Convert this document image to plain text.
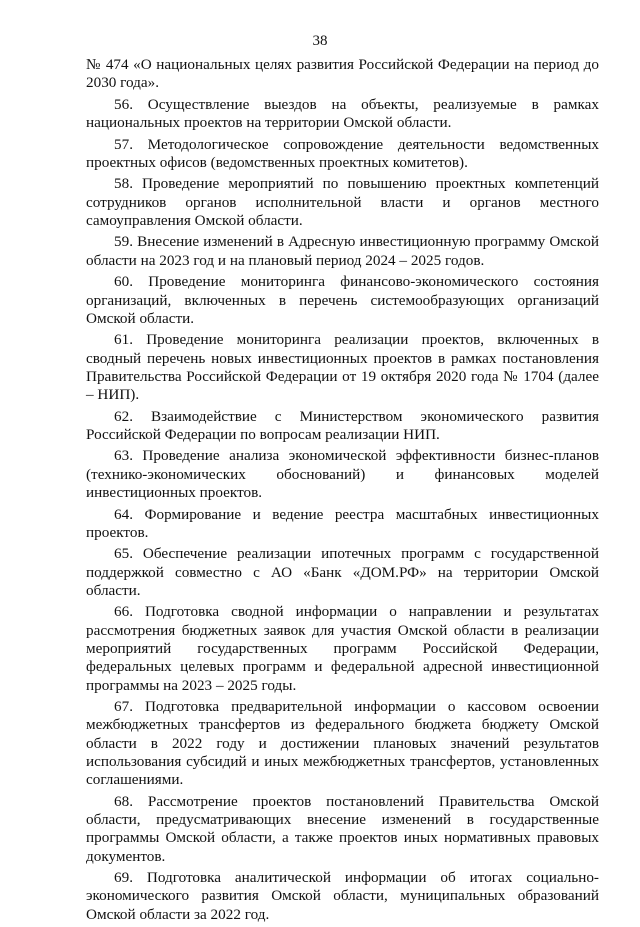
38

№ 474 «О национальных целях развития Российской Федерации на период до 2030 года».

56. Осуществление выездов на объекты, реализуемые в рамках национальных проектов на территории Омской области.

57. Методологическое сопровождение деятельности ведомственных проектных офисов (ведомственных проектных комитетов).

58. Проведение мероприятий по повышению проектных компетенций сотрудников органов исполнительной власти и органов местного самоуправления Омской области.

59. Внесение изменений в Адресную инвестиционную программу Омской области на 2023 год и на плановый период 2024 – 2025 годов.

60. Проведение мониторинга финансово-экономического состояния организаций, включенных в перечень системообразующих организаций Омской области.

61. Проведение мониторинга реализации проектов, включенных в сводный перечень новых инвестиционных проектов в рамках постановления Правительства Российской Федерации от 19 октября 2020 года № 1704 (далее – НИП).

62. Взаимодействие с Министерством экономического развития Российской Федерации по вопросам реализации НИП.

63. Проведение анализа экономической эффективности бизнес-планов (технико-экономических обоснований) и финансовых моделей инвестиционных проектов.

64. Формирование и ведение реестра масштабных инвестиционных проектов.

65. Обеспечение реализации ипотечных программ с государственной поддержкой совместно с АО «Банк «ДОМ.РФ» на территории Омской области.

66. Подготовка сводной информации о направлении и результатах рассмотрения бюджетных заявок для участия Омской области в реализации мероприятий государственных программ Российской Федерации, федеральных целевых программ и федеральной адресной инвестиционной программы на 2023 – 2025 годы.

67. Подготовка предварительной информации о кассовом освоении межбюджетных трансфертов из федерального бюджета бюджету Омской области в 2022 году и достижении плановых значений результатов использования субсидий и иных межбюджетных трансфертов, установленных соглашениями.

68. Рассмотрение проектов постановлений Правительства Омской области, предусматривающих внесение изменений в государственные программы Омской области, а также проектов иных нормативных правовых документов.

69. Подготовка аналитической информации об итогах социально-экономического развития Омской области, муниципальных образований Омской области за 2022 год.
